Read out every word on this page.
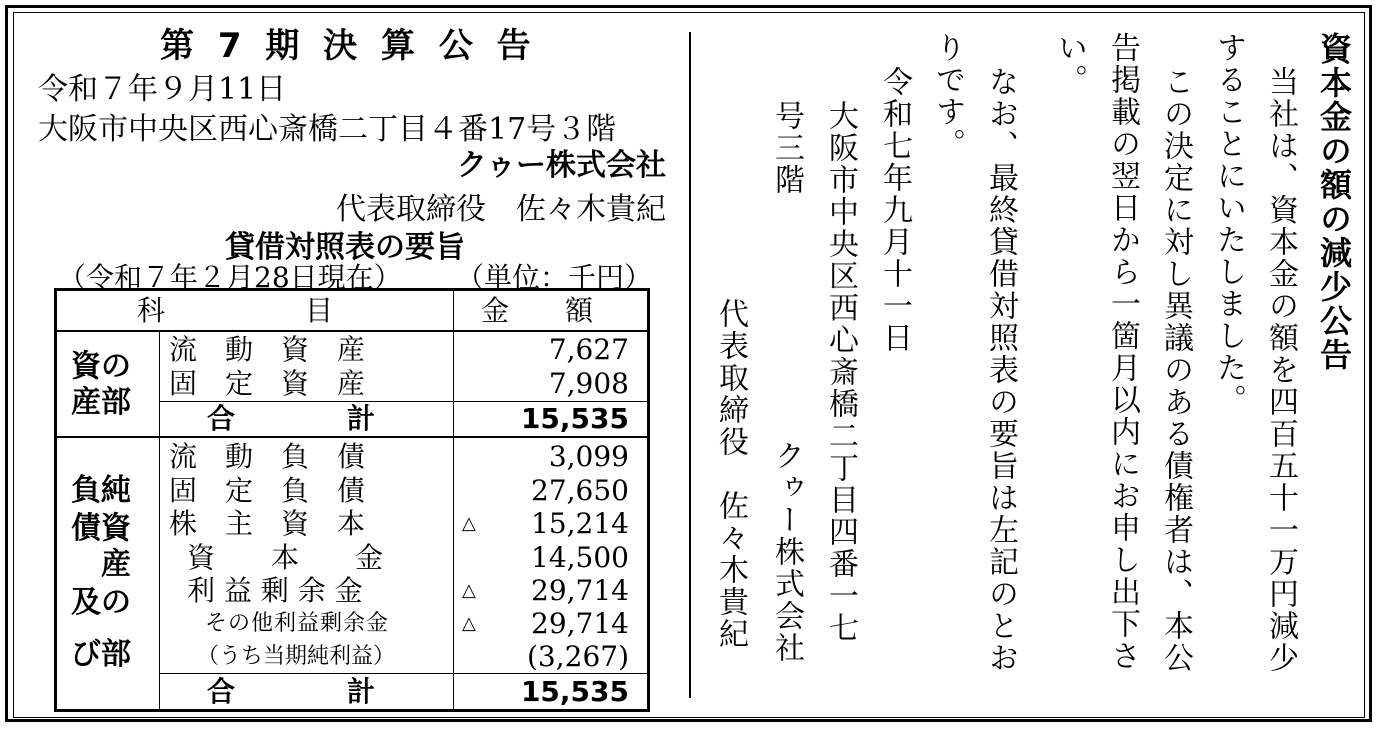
第 7 期 決 算 公 告
令和７年９月11日
大阪市中央区西心斎橋二丁目４番17号３階
クゥー株式会社
代表取締役　佐々木貴紀
貸借対照表の要旨
（令和７年２月28日現在） （単位：千円）
科　　　　　目	金　　額
資の
産部
負純
債資
　産
及の
び部
流　動　資　産	7,627
固　定　資　産	7,908
合　　　　計	15,535
流　動　負　債	3,099
固　定　負　債	27,650
株　主　資　本	△	15,214
資　　本　　金	14,500
利 益 剰 余 金	△	29,714
その他利益剰余金	△	29,714
（うち当期純利益）	(3,267)
合　　　　計	15,535
資本金の額の減少公告
当社は、資本金の額を四百五十一万円減少
することにいたしました。
この決定に対し異議のある債権者は、本公
告掲載の翌日から一箇月以内にお申し出下さ
い。
なお、最終貸借対照表の要旨は左記のとお
りです。
令和七年九月十一日
大阪市中央区西心斎橋二丁目四番一七
号三階
クゥー株式会社
代表取締役　佐々木貴紀
